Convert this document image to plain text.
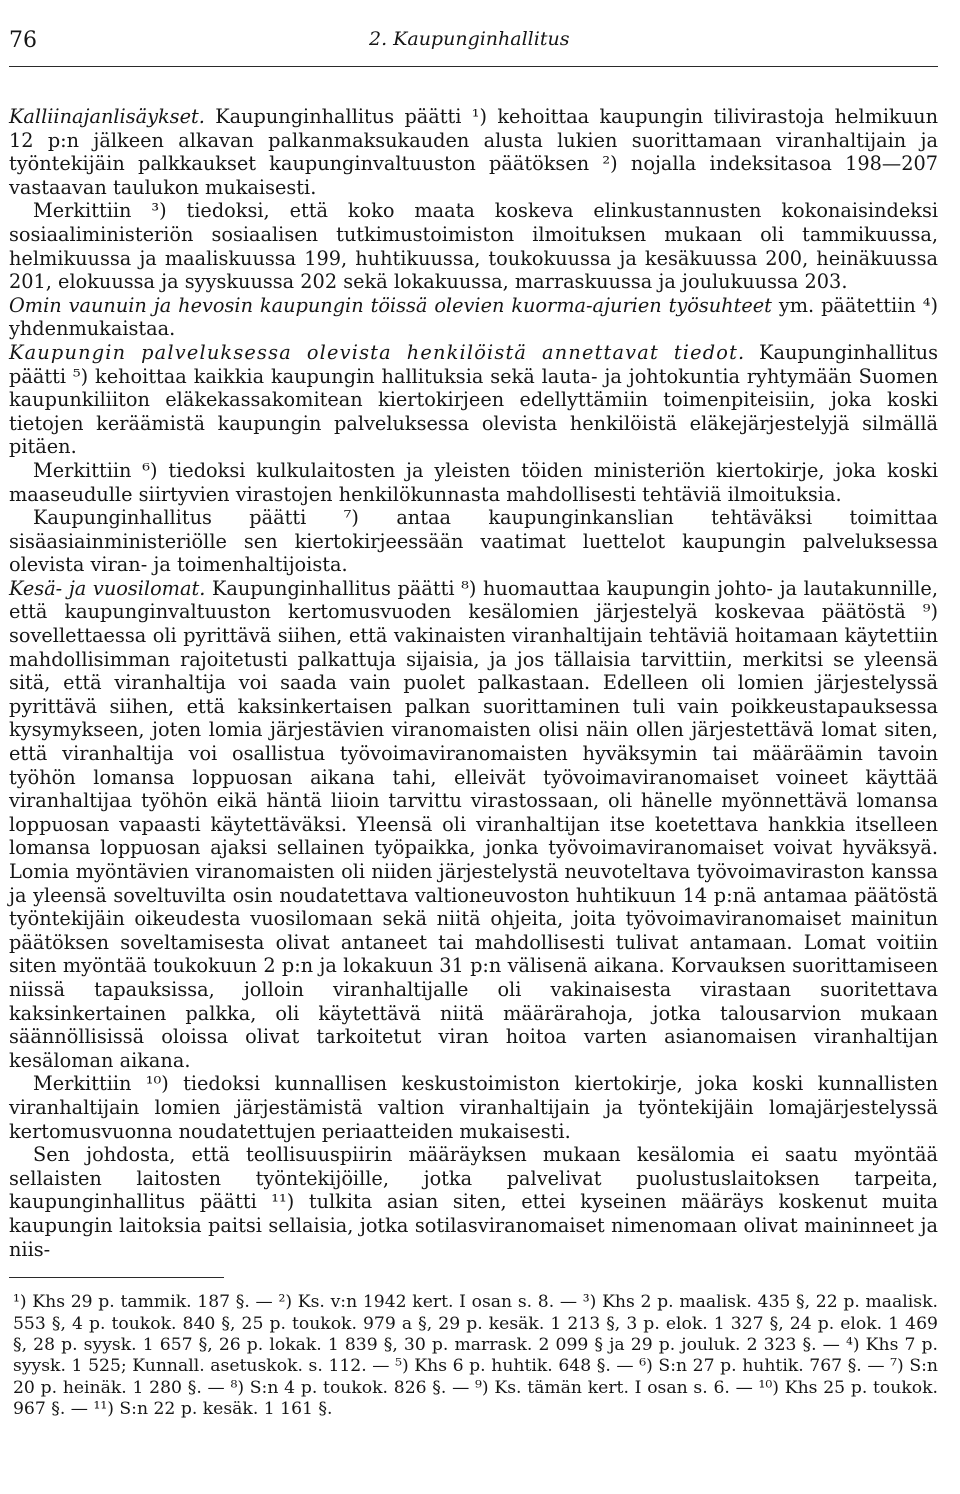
76	2. Kaupunginhallitus

Kalliinajanlisäykset. Kaupunginhallitus päätti ¹) kehoittaa kaupungin tilivirastoja helmikuun 12 p:n jälkeen alkavan palkanmaksukauden alusta lukien suorittamaan viranhaltijain ja työntekijäin palkkaukset kaupunginvaltuuston päätöksen ²) nojalla indeksitasoa 198—207 vastaavan taulukon mukaisesti.

Merkittiin ³) tiedoksi, että koko maata koskeva elinkustannusten kokonaisindeksi sosiaaliministeriön sosiaalisen tutkimustoimiston ilmoituksen mukaan oli tammikuussa, helmikuussa ja maaliskuussa 199, huhtikuussa, toukokuussa ja kesäkuussa 200, heinäkuussa 201, elokuussa ja syyskuussa 202 sekä lokakuussa, marraskuussa ja joulukuussa 203.

Omin vaunuin ja hevosin kaupungin töissä olevien kuorma-ajurien työsuhteet ym. päätettiin ⁴) yhdenmukaistaa.

Kaupungin palveluksessa olevista henkilöistä annettavat tiedot. Kaupunginhallitus päätti ⁵) kehoittaa kaikkia kaupungin hallituksia sekä lauta- ja johtokuntia ryhtymään Suomen kaupunkiliiton eläkekassakomitean kiertokirjeen edellyttämiin toimenpiteisiin, joka koski tietojen keräämistä kaupungin palveluksessa olevista henkilöistä eläkejärjestelyjä silmällä pitäen.

Merkittiin ⁶) tiedoksi kulkulaitosten ja yleisten töiden ministeriön kiertokirje, joka koski maaseudulle siirtyvien virastojen henkilökunnasta mahdollisesti tehtäviä ilmoituksia.

Kaupunginhallitus päätti ⁷) antaa kaupunginkanslian tehtäväksi toimittaa sisäasiainministeriölle sen kiertokirjeessään vaatimat luettelot kaupungin palveluksessa olevista viran- ja toimenhaltijoista.

Kesä- ja vuosilomat. Kaupunginhallitus päätti ⁸) huomauttaa kaupungin johto- ja lautakunnille, että kaupunginvaltuuston kertomusvuoden kesälomien järjestelyä koskevaa päätöstä ⁹) sovellettaessa oli pyrittävä siihen, että vakinaisten viranhaltijain tehtäviä hoitamaan käytettiin mahdollisimman rajoitetusti palkattuja sijaisia, ja jos tällaisia tarvittiin, merkitsi se yleensä sitä, että viranhaltija voi saada vain puolet palkastaan. Edelleen oli lomien järjestelyssä pyrittävä siihen, että kaksinkertaisen palkan suorittaminen tuli vain poikkeustapauksessa kysymykseen, joten lomia järjestävien viranomaisten olisi näin ollen järjestettävä lomat siten, että viranhaltija voi osallistua työvoimaviranomaisten hyväksymin tai määräämin tavoin työhön lomansa loppuosan aikana tahi, elleivät työvoimaviranomaiset voineet käyttää viranhaltijaa työhön eikä häntä liioin tarvittu virastossaan, oli hänelle myönnettävä lomansa loppuosan vapaasti käytettäväksi. Yleensä oli viranhaltijan itse koetettava hankkia itselleen lomansa loppuosan ajaksi sellainen työpaikka, jonka työvoimaviranomaiset voivat hyväksyä. Lomia myöntävien viranomaisten oli niiden järjestelystä neuvoteltava työvoimaviraston kanssa ja yleensä soveltuvilta osin noudatettava valtioneuvoston huhtikuun 14 p:nä antamaa päätöstä työntekijäin oikeudesta vuosilomaan sekä niitä ohjeita, joita työvoimaviranomaiset mainitun päätöksen soveltamisesta olivat antaneet tai mahdollisesti tulivat antamaan. Lomat voitiin siten myöntää toukokuun 2 p:n ja lokakuun 31 p:n välisenä aikana. Korvauksen suorittamiseen niissä tapauksissa, jolloin viranhaltijalle oli vakinaisesta virastaan suoritettava kaksinkertainen palkka, oli käytettävä niitä määrärahoja, jotka talousarvion mukaan säännöllisissä oloissa olivat tarkoitetut viran hoitoa varten asianomaisen viranhaltijan kesäloman aikana.

Merkittiin ¹⁰) tiedoksi kunnallisen keskustoimiston kiertokirje, joka koski kunnallisten viranhaltijain lomien järjestämistä valtion viranhaltijain ja työntekijäin lomajärjestelyssä kertomusvuonna noudatettujen periaatteiden mukaisesti.

Sen johdosta, että teollisuuspiirin määräyksen mukaan kesälomia ei saatu myöntää sellaisten laitosten työntekijöille, jotka palvelivat puolustuslaitoksen tarpeita, kaupunginhallitus päätti ¹¹) tulkita asian siten, ettei kyseinen määräys koskenut muita kaupungin laitoksia paitsi sellaisia, jotka sotilasviranomaiset nimenomaan olivat maininneet ja niis-

¹) Khs 29 p. tammik. 187 §. — ²) Ks. v:n 1942 kert. I osan s. 8. — ³) Khs 2 p. maalisk. 435 §, 22 p. maalisk. 553 §, 4 p. toukok. 840 §, 25 p. toukok. 979 a §, 29 p. kesäk. 1 213 §, 3 p. elok. 1 327 §, 24 p. elok. 1 469 §, 28 p. syysk. 1 657 §, 26 p. lokak. 1 839 §, 30 p. marrask. 2 099 § ja 29 p. jouluk. 2 323 §. — ⁴) Khs 7 p. syysk. 1 525; Kunnall. asetuskok. s. 112. — ⁵) Khs 6 p. huhtik. 648 §. — ⁶) S:n 27 p. huhtik. 767 §. — ⁷) S:n 20 p. heinäk. 1 280 §. — ⁸) S:n 4 p. toukok. 826 §. — ⁹) Ks. tämän kert. I osan s. 6. — ¹⁰) Khs 25 p. toukok. 967 §. — ¹¹) S:n 22 p. kesäk. 1 161 §.
